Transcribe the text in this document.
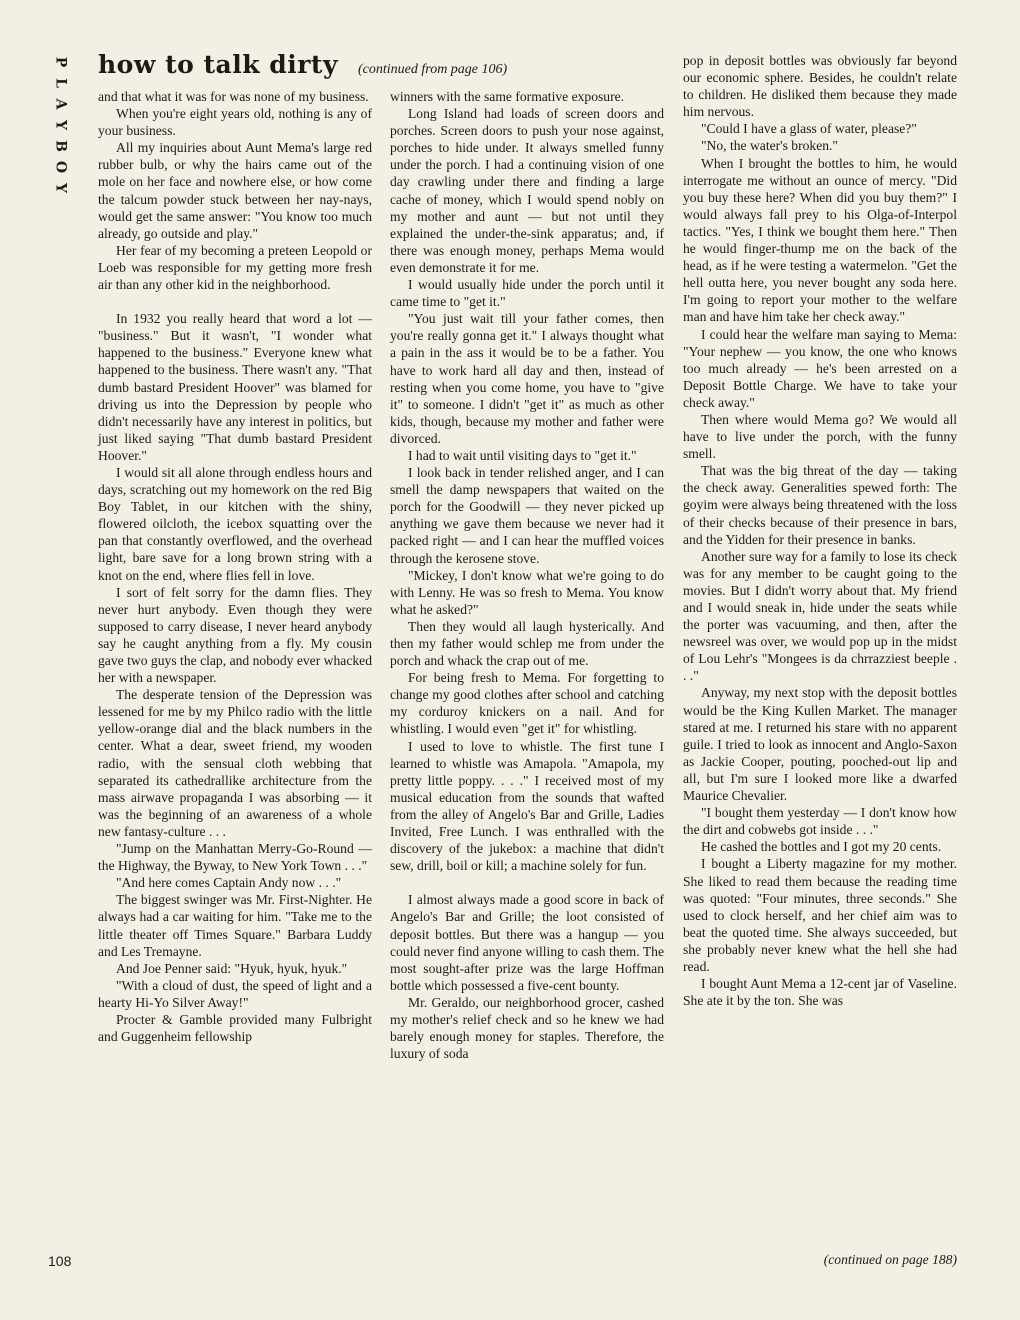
P
L
A
Y
B
O
Y
how to talk dirty (continued from page 106)

and that what it was for was none of my business.

When you're eight years old, nothing is any of your business.

All my inquiries about Aunt Mema's large red rubber bulb, or why the hairs came out of the mole on her face and nowhere else, or how come the talcum powder stuck between her nay-nays, would get the same answer: "You know too much already, go outside and play."

Her fear of my becoming a preteen Leopold or Loeb was responsible for my getting more fresh air than any other kid in the neighborhood.

In 1932 you really heard that word a lot — "business." But it wasn't, "I wonder what happened to the business." Everyone knew what happened to the business. There wasn't any. "That dumb bastard President Hoover" was blamed for driving us into the Depression by people who didn't necessarily have any interest in politics, but just liked saying "That dumb bastard President Hoover."

I would sit all alone through endless hours and days, scratching out my homework on the red Big Boy Tablet, in our kitchen with the shiny, flowered oilcloth, the icebox squatting over the pan that constantly overflowed, and the overhead light, bare save for a long brown string with a knot on the end, where flies fell in love.

I sort of felt sorry for the damn flies. They never hurt anybody. Even though they were supposed to carry disease, I never heard anybody say he caught anything from a fly. My cousin gave two guys the clap, and nobody ever whacked her with a newspaper.

The desperate tension of the Depression was lessened for me by my Philco radio with the little yellow-orange dial and the black numbers in the center. What a dear, sweet friend, my wooden radio, with the sensual cloth webbing that separated its cathedrallike architecture from the mass airwave propaganda I was absorbing — it was the beginning of an awareness of a whole new fantasy-culture . . .

"Jump on the Manhattan Merry-Go-Round — the Highway, the Byway, to New York Town . . ."

"And here comes Captain Andy now . . ."

The biggest swinger was Mr. First-Nighter. He always had a car waiting for him. "Take me to the little theater off Times Square." Barbara Luddy and Les Tremayne.

And Joe Penner said: "Hyuk, hyuk, hyuk."

"With a cloud of dust, the speed of light and a hearty Hi-Yo Silver Away!"

Procter & Gamble provided many Fulbright and Guggenheim fellowship

winners with the same formative exposure.

Long Island had loads of screen doors and porches. Screen doors to push your nose against, porches to hide under. It always smelled funny under the porch. I had a continuing vision of one day crawling under there and finding a large cache of money, which I would spend nobly on my mother and aunt — but not until they explained the under-the-sink apparatus; and, if there was enough money, perhaps Mema would even demonstrate it for me.

I would usually hide under the porch until it came time to "get it."

"You just wait till your father comes, then you're really gonna get it." I always thought what a pain in the ass it would be to be a father. You have to work hard all day and then, instead of resting when you come home, you have to "give it" to someone. I didn't "get it" as much as other kids, though, because my mother and father were divorced.

I had to wait until visiting days to "get it."

I look back in tender relished anger, and I can smell the damp newspapers that waited on the porch for the Goodwill — they never picked up anything we gave them because we never had it packed right — and I can hear the muffled voices through the kerosene stove.

"Mickey, I don't know what we're going to do with Lenny. He was so fresh to Mema. You know what he asked?"

Then they would all laugh hysterically. And then my father would schlep me from under the porch and whack the crap out of me.

For being fresh to Mema. For forgetting to change my good clothes after school and catching my corduroy knickers on a nail. And for whistling. I would even "get it" for whistling.

I used to love to whistle. The first tune I learned to whistle was Amapola. "Amapola, my pretty little poppy. . . ." I received most of my musical education from the sounds that wafted from the alley of Angelo's Bar and Grille, Ladies Invited, Free Lunch. I was enthralled with the discovery of the jukebox: a machine that didn't sew, drill, boil or kill; a machine solely for fun.

I almost always made a good score in back of Angelo's Bar and Grille; the loot consisted of deposit bottles. But there was a hangup — you could never find anyone willing to cash them. The most sought-after prize was the large Hoffman bottle which possessed a five-cent bounty.

Mr. Geraldo, our neighborhood grocer, cashed my mother's relief check and so he knew we had barely enough money for staples. Therefore, the luxury of soda

pop in deposit bottles was obviously far beyond our economic sphere. Besides, he couldn't relate to children. He disliked them because they made him nervous.

"Could I have a glass of water, please?"

"No, the water's broken."

When I brought the bottles to him, he would interrogate me without an ounce of mercy. "Did you buy these here? When did you buy them?" I would always fall prey to his Olga-of-Interpol tactics. "Yes, I think we bought them here." Then he would finger-thump me on the back of the head, as if he were testing a watermelon. "Get the hell outta here, you never bought any soda here. I'm going to report your mother to the welfare man and have him take her check away."

I could hear the welfare man saying to Mema: "Your nephew — you know, the one who knows too much already — he's been arrested on a Deposit Bottle Charge. We have to take your check away."

Then where would Mema go? We would all have to live under the porch, with the funny smell.

That was the big threat of the day — taking the check away. Generalities spewed forth: The goyim were always being threatened with the loss of their checks because of their presence in bars, and the Yidden for their presence in banks.

Another sure way for a family to lose its check was for any member to be caught going to the movies. But I didn't worry about that. My friend and I would sneak in, hide under the seats while the porter was vacuuming, and then, after the newsreel was over, we would pop up in the midst of Lou Lehr's "Mongees is da chrrazziest beeple . . ."

Anyway, my next stop with the deposit bottles would be the King Kullen Market. The manager stared at me. I returned his stare with no apparent guile. I tried to look as innocent and Anglo-Saxon as Jackie Cooper, pouting, pooched-out lip and all, but I'm sure I looked more like a dwarfed Maurice Chevalier.

"I bought them yesterday — I don't know how the dirt and cobwebs got inside . . ."

He cashed the bottles and I got my 20 cents.

I bought a Liberty magazine for my mother. She liked to read them because the reading time was quoted: "Four minutes, three seconds." She used to clock herself, and her chief aim was to beat the quoted time. She always succeeded, but she probably never knew what the hell she had read.

I bought Aunt Mema a 12-cent jar of Vaseline. She ate it by the ton. She was

108	(continued on page 188)
